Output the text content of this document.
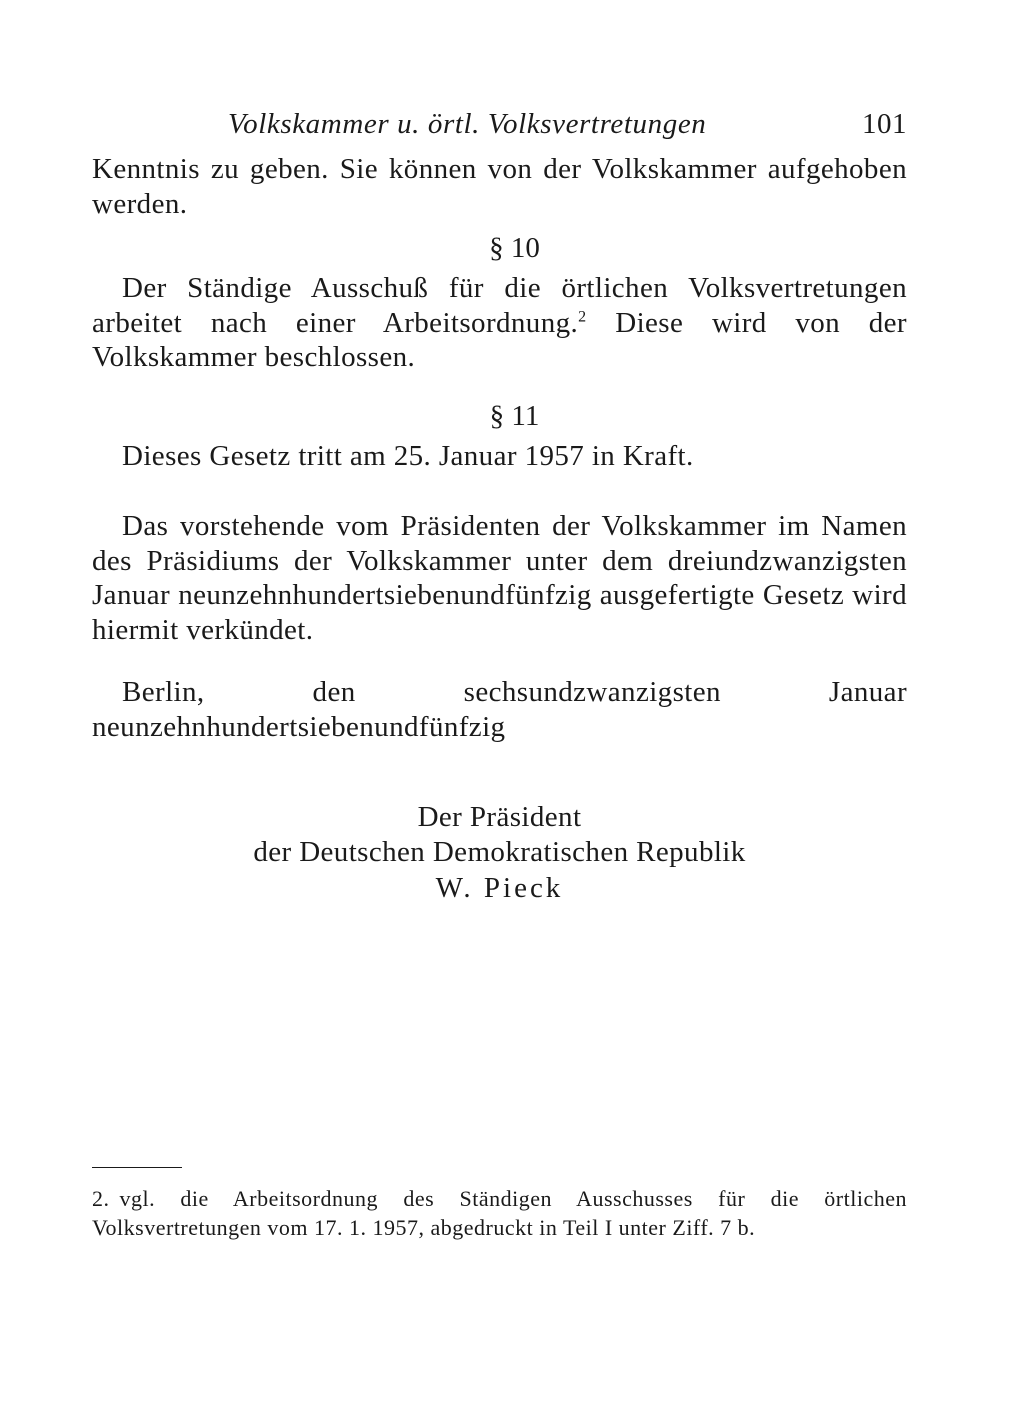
Volkskammer u. örtl. Volksvertretungen	101

Kenntnis zu geben. Sie können von der Volkskammer aufgehoben werden.

§ 10

Der Ständige Ausschuß für die örtlichen Volksvertretungen arbeitet nach einer Arbeitsordnung.$^2$ Diese wird von der Volkskammer beschlossen.

§ 11

Dieses Gesetz tritt am 25. Januar 1957 in Kraft.

Das vorstehende vom Präsidenten der Volkskammer im Namen des Präsidiums der Volkskammer unter dem dreiundzwanzigsten Januar neunzehnhundertsiebenundfünfzig ausgefertigte Gesetz wird hiermit verkündet.

Berlin, den sechsundzwanzigsten Januar neunzehnhundertsiebenundfünfzig

Der Präsident
der Deutschen Demokratischen Republik
W. Pieck
2. vgl. die Arbeitsordnung des Ständigen Ausschusses für die örtlichen Volksvertretungen vom 17. 1. 1957, abgedruckt in Teil I unter Ziff. 7 b.
